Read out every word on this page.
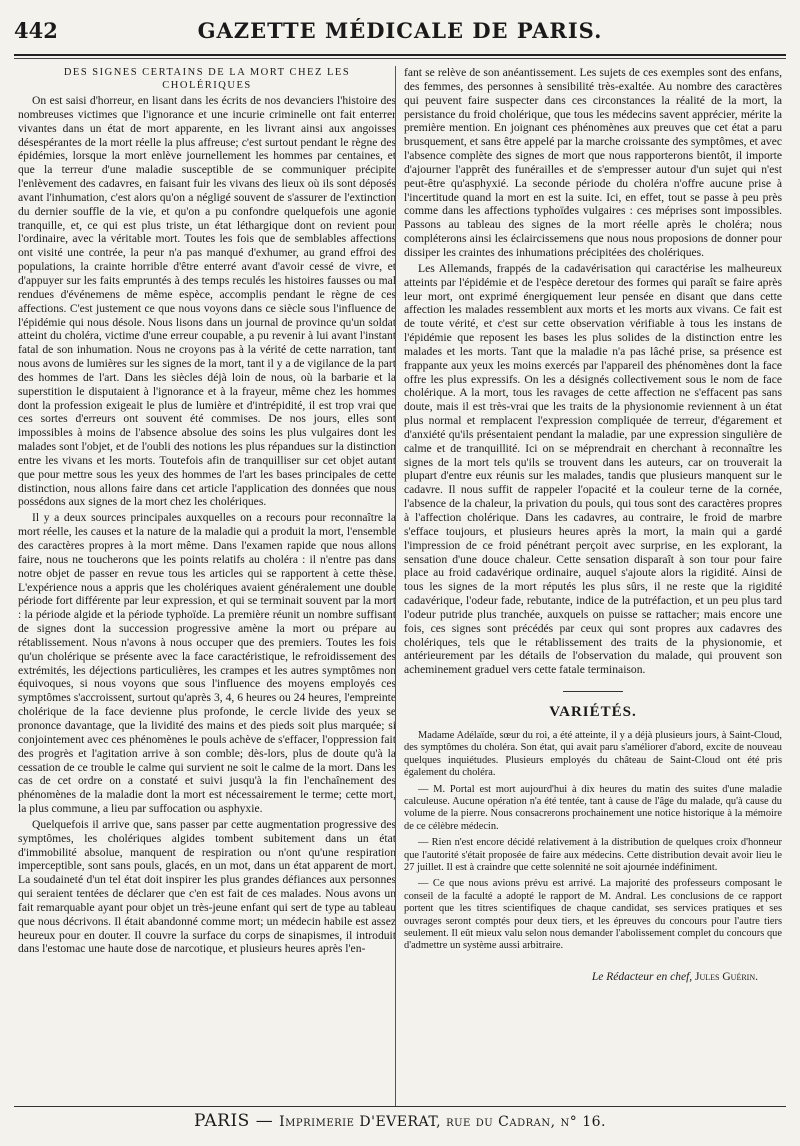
442	GAZETTE MÉDICALE DE PARIS.

DES SIGNES CERTAINS DE LA MORT CHEZ LES CHOLÉRIQUES

On est saisi d'horreur, en lisant dans les écrits de nos devanciers l'histoire des nombreuses victimes que l'ignorance et une incurie criminelle ont fait enterrer vivantes dans un état de mort apparente, en les livrant ainsi aux angoisses désespérantes de la mort réelle la plus affreuse; c'est surtout pendant le règne des épidémies, lorsque la mort enlève journellement les hommes par centaines, et que la terreur d'une maladie susceptible de se communiquer précipite l'enlèvement des cadavres, en faisant fuir les vivans des lieux où ils sont déposés avant l'inhumation, c'est alors qu'on a négligé souvent de s'assurer de l'extinction du dernier souffle de la vie, et qu'on a pu confondre quelquefois une agonie tranquille, et, ce qui est plus triste, un état léthargique dont on revient pour l'ordinaire, avec la véritable mort. Toutes les fois que de semblables affections ont visité une contrée, la peur n'a pas manqué d'exhumer, au grand effroi des populations, la crainte horrible d'être enterré avant d'avoir cessé de vivre, et d'appuyer sur les faits empruntés à des temps reculés les histoires fausses ou mal rendues d'événemens de même espèce, accomplis pendant le règne de ces affections. C'est justement ce que nous voyons dans ce siècle sous l'influence de l'épidémie qui nous désole. Nous lisons dans un journal de province qu'un soldat atteint du choléra, victime d'une erreur coupable, a pu revenir à lui avant l'instant fatal de son inhumation. Nous ne croyons pas à la vérité de cette narration, tant nous avons de lumières sur les signes de la mort, tant il y a de vigilance de la part des hommes de l'art. Dans les siècles déjà loin de nous, où la barbarie et la superstition le disputaient à l'ignorance et à la frayeur, même chez les hommes dont la profession exigeait le plus de lumière et d'intrépidité, il est trop vrai que ces sortes d'erreurs ont souvent été commises. De nos jours, elles sont impossibles à moins de l'absence absolue des soins les plus vulgaires dont les malades sont l'objet, et de l'oubli des notions les plus répandues sur la distinction entre les vivans et les morts. Toutefois afin de tranquilliser sur cet objet autant que pour mettre sous les yeux des hommes de l'art les bases principales de cette distinction, nous allons faire dans cet article l'application des données que nous possédons aux signes de la mort chez les cholériques.

Il y a deux sources principales auxquelles on a recours pour reconnaître la mort réelle, les causes et la nature de la maladie qui a produit la mort, l'ensemble des caractères propres à la mort même. Dans l'examen rapide que nous allons faire, nous ne toucherons que les points relatifs au choléra : il n'entre pas dans notre objet de passer en revue tous les articles qui se rapportent à cette thèse. L'expérience nous a appris que les cholériques avaient généralement une double période fort différente par leur expression, et qui se terminait souvent par la mort : la période algide et la période typhoïde. La première réunit un nombre suffisant de signes dont la succession progressive amène la mort ou prépare au rétablissement. Nous n'avons à nous occuper que des premiers. Toutes les fois qu'un cholérique se présente avec la face caractéristique, le refroidissement des extrémités, les déjections particulières, les crampes et les autres symptômes non équivoques, si nous voyons que sous l'influence des moyens employés ces symptômes s'accroissent, surtout qu'après 3, 4, 6 heures ou 24 heures, l'empreinte cholérique de la face devienne plus profonde, le cercle livide des yeux se prononce davantage, que la lividité des mains et des pieds soit plus marquée; si conjointement avec ces phénomènes le pouls achève de s'effacer, l'oppression fait des progrès et l'agitation arrive à son comble; dès-lors, plus de doute qu'à la cessation de ce trouble le calme qui survient ne soit le calme de la mort. Dans les cas de cet ordre on a constaté et suivi jusqu'à la fin l'enchaînement des phénomènes de la maladie dont la mort est nécessairement le terme; cette mort, la plus commune, a lieu par suffocation ou asphyxie.

Quelquefois il arrive que, sans passer par cette augmentation progressive des symptômes, les cholériques algides tombent subitement dans un état d'immobilité absolue, manquent de respiration ou n'ont qu'une respiration imperceptible, sont sans pouls, glacés, en un mot, dans un état apparent de mort. La soudaineté d'un tel état doit inspirer les plus grandes défiances aux personnes qui seraient tentées de déclarer que c'en est fait de ces malades. Nous avons un fait remarquable ayant pour objet un très-jeune enfant qui sert de type au tableau que nous décrivons. Il était abandonné comme mort; un médecin habile est assez heureux pour en douter. Il couvre la surface du corps de sinapismes, il introduit dans l'estomac une haute dose de narcotique, et plusieurs heures après l'en-

fant se relève de son anéantissement. Les sujets de ces exemples sont des enfans, des femmes, des personnes à sensibilité très-exaltée. Au nombre des caractères qui peuvent faire suspecter dans ces circonstances la réalité de la mort, la persistance du froid cholérique, que tous les médecins savent apprécier, mérite la première mention. En joignant ces phénomènes aux preuves que cet état a paru brusquement, et sans être appelé par la marche croissante des symptômes, et avec l'absence complète des signes de mort que nous rapporterons bientôt, il importe d'ajourner l'apprêt des funérailles et de s'empresser autour d'un sujet qui n'est peut-être qu'asphyxié. La seconde période du choléra n'offre aucune prise à l'incertitude quand la mort en est la suite. Ici, en effet, tout se passe à peu près comme dans les affections typhoïdes vulgaires : ces méprises sont impossibles. Passons au tableau des signes de la mort réelle après le choléra; nous compléterons ainsi les éclaircissemens que nous nous proposions de donner pour dissiper les craintes des inhumations précipitées des cholériques.

Les Allemands, frappés de la cadavérisation qui caractérise les malheureux atteints par l'épidémie et de l'espèce deretour des formes qui paraît se faire après leur mort, ont exprimé énergiquement leur pensée en disant que dans cette affection les malades ressemblent aux morts et les morts aux vivans. Ce fait est de toute vérité, et c'est sur cette observation vérifiable à tous les instans de l'épidémie que reposent les bases les plus solides de la distinction entre les malades et les morts. Tant que la maladie n'a pas lâché prise, sa présence est frappante aux yeux les moins exercés par l'appareil des phénomènes dont la face offre les plus expressifs. On les a désignés collectivement sous le nom de face cholérique. A la mort, tous les ravages de cette affection ne s'effacent pas sans doute, mais il est très-vrai que les traits de la physionomie reviennent à un état plus normal et remplacent l'expression compliquée de terreur, d'égarement et d'anxiété qu'ils présentaient pendant la maladie, par une expression singulière de calme et de tranquillité. Ici on se méprendrait en cherchant à reconnaître les signes de la mort tels qu'ils se trouvent dans les auteurs, car on trouverait la plupart d'entre eux réunis sur les malades, tandis que plusieurs manquent sur le cadavre. Il nous suffit de rappeler l'opacité et la couleur terne de la cornée, l'absence de la chaleur, la privation du pouls, qui tous sont des caractères propres à l'affection cholérique. Dans les cadavres, au contraire, le froid de marbre s'efface toujours, et plusieurs heures après la mort, la main qui a gardé l'impression de ce froid pénétrant perçoit avec surprise, en les explorant, la sensation d'une douce chaleur. Cette sensation disparaît à son tour pour faire place au froid cadavérique ordinaire, auquel s'ajoute alors la rigidité. Ainsi de tous les signes de la mort réputés les plus sûrs, il ne reste que la rigidité cadavérique, l'odeur fade, rebutante, indice de la putréfaction, et un peu plus tard l'odeur putride plus tranchée, auxquels on puisse se rattacher; mais encore une fois, ces signes sont précédés par ceux qui sont propres aux cadavres des cholériques, tels que le rétablissement des traits de la physionomie, et antérieurement par les détails de l'observation du malade, qui prouvent son acheminement graduel vers cette fatale terminaison.

VARIÉTÉS.

Madame Adélaïde, sœur du roi, a été atteinte, il y a déjà plusieurs jours, à Saint-Cloud, des symptômes du choléra. Son état, qui avait paru s'améliorer d'abord, excite de nouveau quelques inquiétudes. Plusieurs employés du château de Saint-Cloud ont été pris également du choléra.

— M. Portal est mort aujourd'hui à dix heures du matin des suites d'une maladie calculeuse. Aucune opération n'a été tentée, tant à cause de l'âge du malade, qu'à cause du volume de la pierre. Nous consacrerons prochainement une notice historique à la mémoire de ce célèbre médecin.

— Rien n'est encore décidé relativement à la distribution de quelques croix d'honneur que l'autorité s'était proposée de faire aux médecins. Cette distribution devait avoir lieu le 27 juillet. Il est à craindre que cette solennité ne soit ajournée indéfiniment.

— Ce que nous avions prévu est arrivé. La majorité des professeurs composant le conseil de la faculté a adopté le rapport de M. Andral. Les conclusions de ce rapport portent que les titres scientifiques de chaque candidat, ses services pratiques et ses ouvrages seront comptés pour deux tiers, et les épreuves du concours pour l'autre tiers seulement. Il eût mieux valu selon nous demander l'abolissement complet du concours que d'admettre un système aussi arbitraire.

Le Rédacteur en chef, Jules Guérin.
PARIS — Imprimerie D'EVERAT, rue du Cadran, n° 16.
